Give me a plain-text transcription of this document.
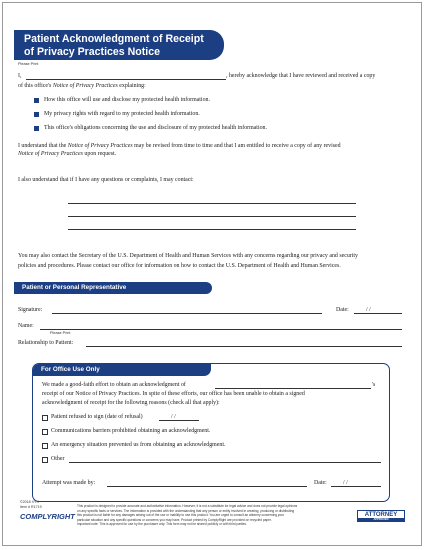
Patient Acknowledgment of Receipt
of Privacy Practices Notice
Please Print
I,	, hereby acknowledge that I have reviewed and received a copy
of this office's Notice of Privacy Practices explaining:
How this office will use and disclose my protected health information.
My privacy rights with regard to my protected health information.
This office's obligations concerning the use and disclosure of my protected health information.
I understand that the Notice of Privacy Practices may be revised from time to time and that I am entitled to receive a copy of any revised
Notice of Privacy Practices upon request.
I also understand that if I have any questions or complaints, I may contact:
You may also contact the Secretary of the U.S. Department of Health and Human Services with any concerns regarding our privacy and security
policies and procedures. Please contact our office for information on how to contact the U.S. Department of Health and Human Services.
Patient or Personal Representative
Signature:	Date:	/ /
Name:
Please Print
Relationship to Patient:
For Office Use Only
We made a good-faith effort to obtain an acknowledgment of	's
receipt of our Notice of Privacy Practices. In spite of these efforts, our office has been unable to obtain a signed
acknowledgment of receipt for the following reasons (check all that apply):
Patient refused to sign (date of refusal)	/ /
Communications barriers prohibited obtaining an acknowledgment.
An emergency situation prevented us from obtaining an acknowledgment.
Other
Attempt was made by:	Date:	/ /
This product is designed to provide accurate and authoritative information. However, it is not a substitute for legal advice and does not provide legal opinions
on any specific facts or services. The information is provided with the understanding that any person or entity involved in creating, producing or distributing
this product is not liable for any damages arising out of the use or inability to use this product. You are urged to consult an attorney concerning your
particular situation and any specific questions or concerns you may have. Product printed by ComplyRight are provided on recycled paper.
Important note: This is approved for use by the purchaser only. This form may not be shared publicly or with third parties.
©2018 XYX
Item # R1719
COMPLYRIGHT	ATTORNEY
APPROVED
